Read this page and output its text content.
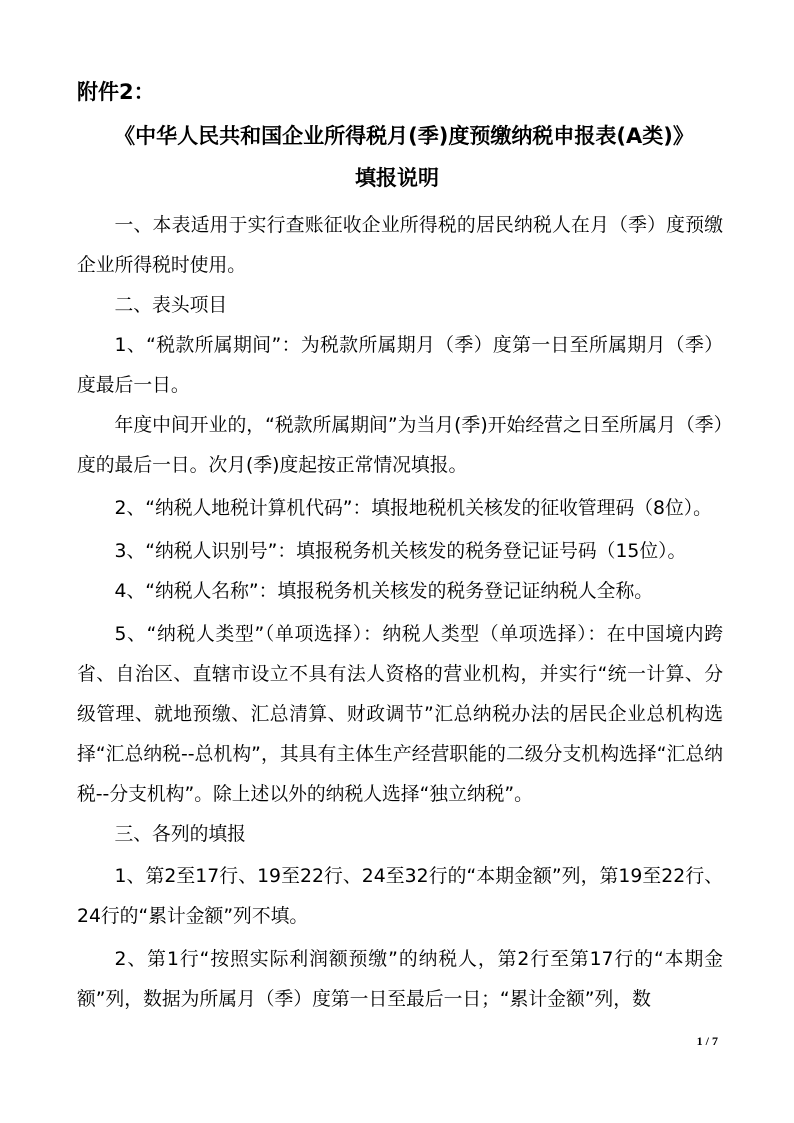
附件2：
《中华人民共和国企业所得税月(季)度预缴纳税申报表(A类)》
填报说明

一、本表适用于实行查账征收企业所得税的居民纳税人在月（季）度预缴企业所得税时使用。

二、表头项目

1、“税款所属期间”：为税款所属期月（季）度第一日至所属期月（季）度最后一日。

年度中间开业的，“税款所属期间”为当月(季)开始经营之日至所属月（季）度的最后一日。次月(季)度起按正常情况填报。

2、“纳税人地税计算机代码”：填报地税机关核发的征收管理码（8位）。

3、“纳税人识别号”：填报税务机关核发的税务登记证号码（15位）。

4、“纳税人名称”：填报税务机关核发的税务登记证纳税人全称。

5、“纳税人类型”（单项选择）：纳税人类型（单项选择）：在中国境内跨省、自治区、直辖市设立不具有法人资格的营业机构，并实行“统一计算、分级管理、就地预缴、汇总清算、财政调节”汇总纳税办法的居民企业总机构选择“汇总纳税--总机构”，其具有主体生产经营职能的二级分支机构选择“汇总纳税--分支机构”。除上述以外的纳税人选择“独立纳税”。

三、各列的填报

1、第2至17行、19至22行、24至32行的“本期金额”列，第19至22行、24行的“累计金额”列不填。

2、第1行“按照实际利润额预缴”的纳税人，第2行至第17行的“本期金额”列，数据为所属月（季）度第一日至最后一日；“累计金额”列，数

1 / 7
